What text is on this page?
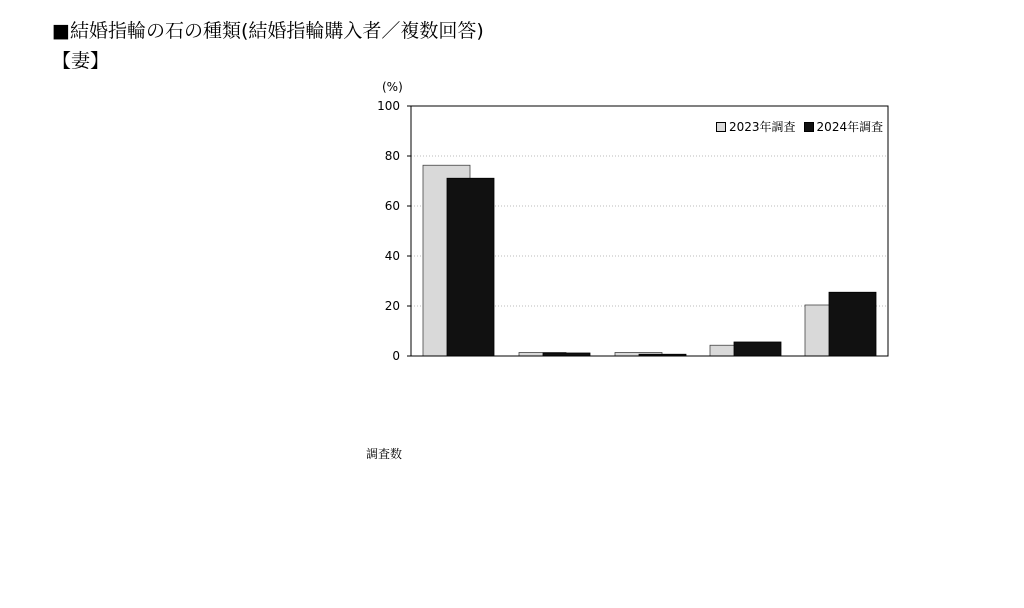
■結婚指輪の石の種類(結婚指輪購入者／複数回答)
【妻】
(%)
100
80
60
40
20
0
2023年調査 2024年調査
調査数
